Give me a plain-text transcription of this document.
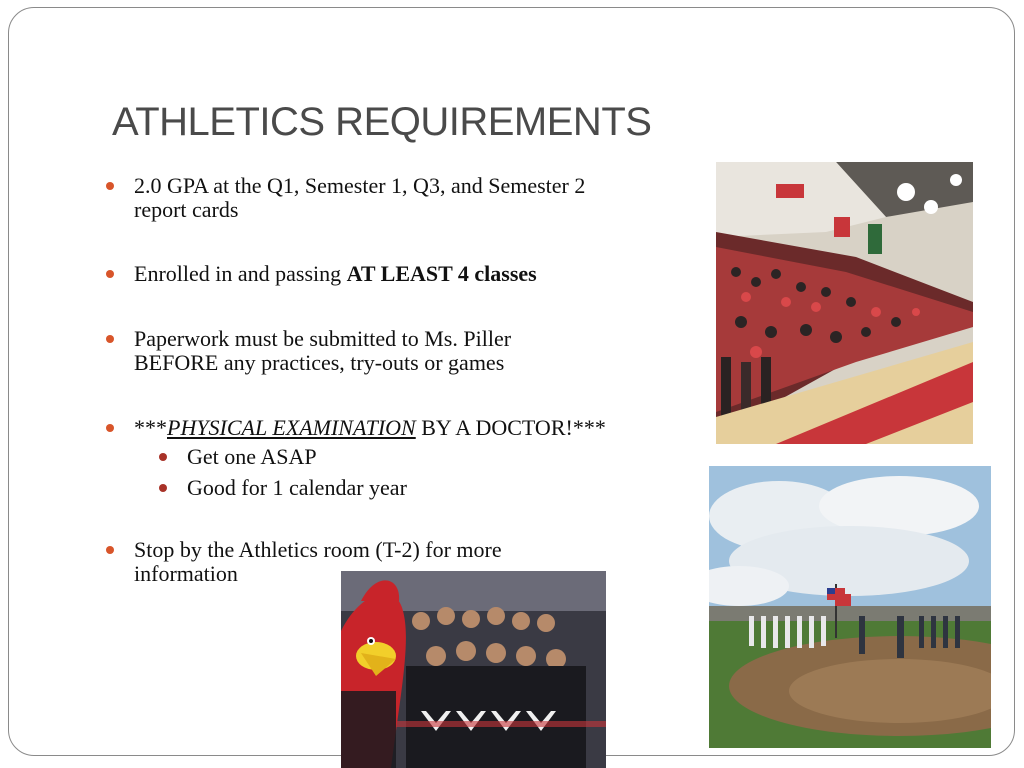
ATHLETICS REQUIREMENTS
2.0 GPA at the Q1, Semester 1, Q3, and Semester 2
report cards
Enrolled in and passing AT LEAST 4 classes
Paperwork must be submitted to Ms. Piller
BEFORE any practices, try-outs or games
***PHYSICAL EXAMINATION BY A DOCTOR!***
Get one ASAP
Good for 1 calendar year
Stop by the Athletics room (T-2) for more
information
